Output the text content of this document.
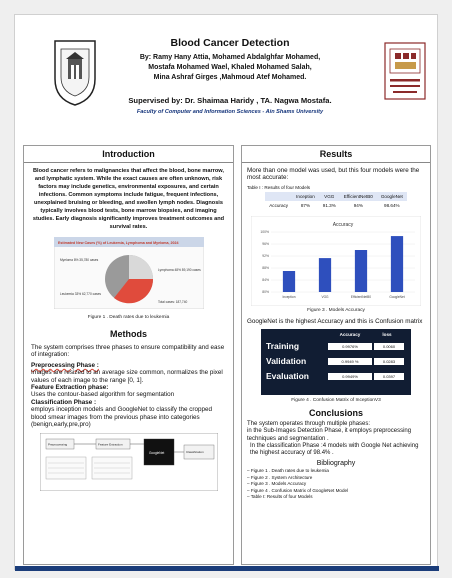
Blood Cancer Detection
By: Ramy Hany Attia, Mohamed Abdalghfar Mohamed,
Mostafa Mohamed Wael, Khaled Mohamed Salah,
Mina Ashraf Girges ,Mahmoud Atef Mohamed.
Supervised by: Dr. Shaimaa Haridy , TA. Nagwa Mostafa.
Faculty of Computer and Information Sciences - Ain Shams University
Introduction
Blood cancer refers to malignancies that affect the blood, bone marrow, and lymphatic system. While the exact causes are often unknown, risk factors may include genetics, environmental exposures, and certain infections. Common symptoms include fatigue, frequent infections, unexplained bruising or bleeding, and swollen lymph nodes. Diagnosis typically involves blood tests, bone marrow biopsies, and imaging studies. Early diagnosis significantly improves treatment outcomes and survival rates.
Estimated New Cases (%) of Leukemia, Lymphoma and Myeloma, 2024
Myeloma 8% 35,780 cases
Lymphoma 48% 89,190 cases
Leukemia 33% 62,770 cases
Total cases: 187,740
Figure 1 . Death rates due to leukemia
Methods
The system comprises three phases to ensure compatibility and ease of integration:
Preprocessing Phase :
Images are resized to an average size common, normalizes the pixel values of each image to the range [0, 1].
Feature Extraction phase:
Uses the contour-based algorithm for segmentation
Classification Phase :
employs inception models and GoogleNet to classify the cropped blood smear images from the previous phase into categories (benign,early,pre,pro)
Preprocessing	Feature Extraction
GoogleNet	Classification
Results
More than one model was used, but this four models were the most accurate:
Table I : Results of four Models
	Inception	VGG	EfficientNetB0	GoogleNet
Accuracy	87%	91.3%	94%	98.64%
Accuracy
80%
84%
88%
92%
96%
100%
Inception	VGG	EfficientNetB0	GoogleNet
Figure 3 . Models Accuracy
GoogleNet is the highest Accuracy and this is Confusion matrix
Accuracy	loss
Training	0.9976%	0.0060
Validation	0.9949 %	0.0283
Evaluation	0.9949%	0.0397
Figure 4 . Confusion Matrix of InceptionV3
Conclusions
The system operates through multiple phases:
in the Sub-Images Detection Phase, it employs preprocessing techniques and segmentation .
In the classification Phase :4 models with Google Net achieving the highest accuracy of 98.4% .
Bibliography
– Figure 1 . Death rates due to leukemia
– Figure 2 . System Architecture
– Figure 3 . Models Accuracy
– Figure 4 . Confusion Matrix of GoogleNet Model
– Table I: Results of four Models
